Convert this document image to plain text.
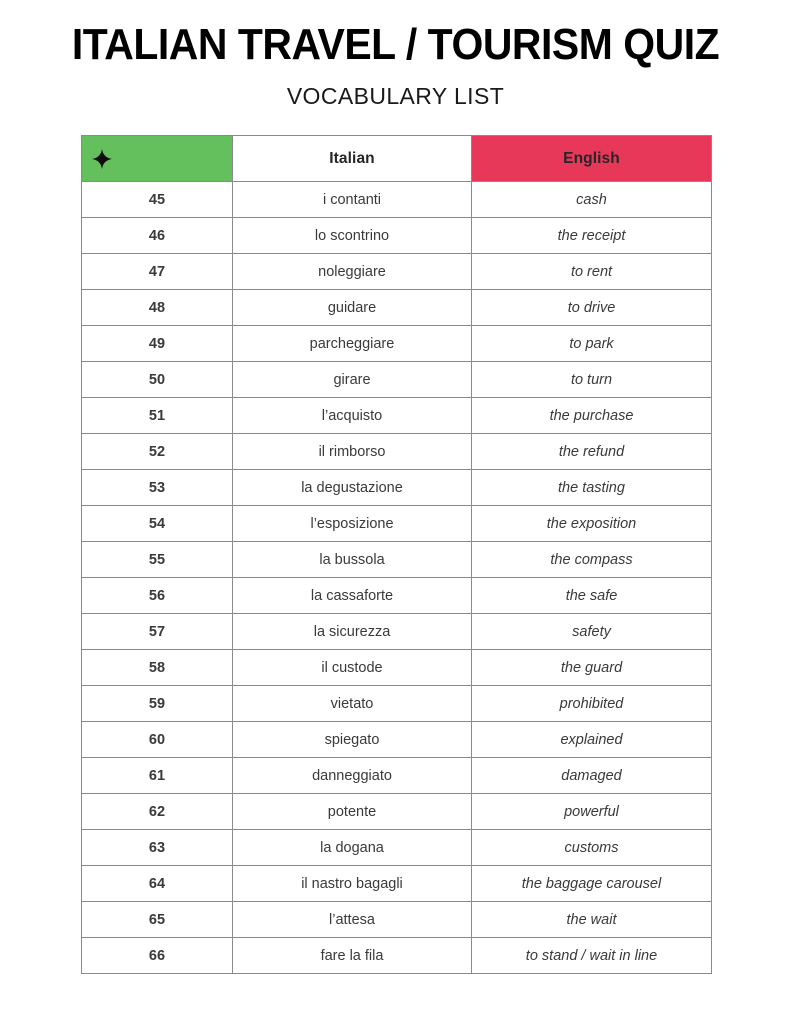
ITALIAN TRAVEL / TOURISM QUIZ
VOCABULARY LIST
	Italian	English
45	i contanti	cash
46	lo scontrino	the receipt
47	noleggiare	to rent
48	guidare	to drive
49	parcheggiare	to park
50	girare	to turn
51	l’acquisto	the purchase
52	il rimborso	the refund
53	la degustazione	the tasting
54	l’esposizione	the exposition
55	la bussola	the compass
56	la cassaforte	the safe
57	la sicurezza	safety
58	il custode	the guard
59	vietato	prohibited
60	spiegato	explained
61	danneggiato	damaged
62	potente	powerful
63	la dogana	customs
64	il nastro bagagli	the baggage carousel
65	l’attesa	the wait
66	fare la fila	to stand / wait in line
